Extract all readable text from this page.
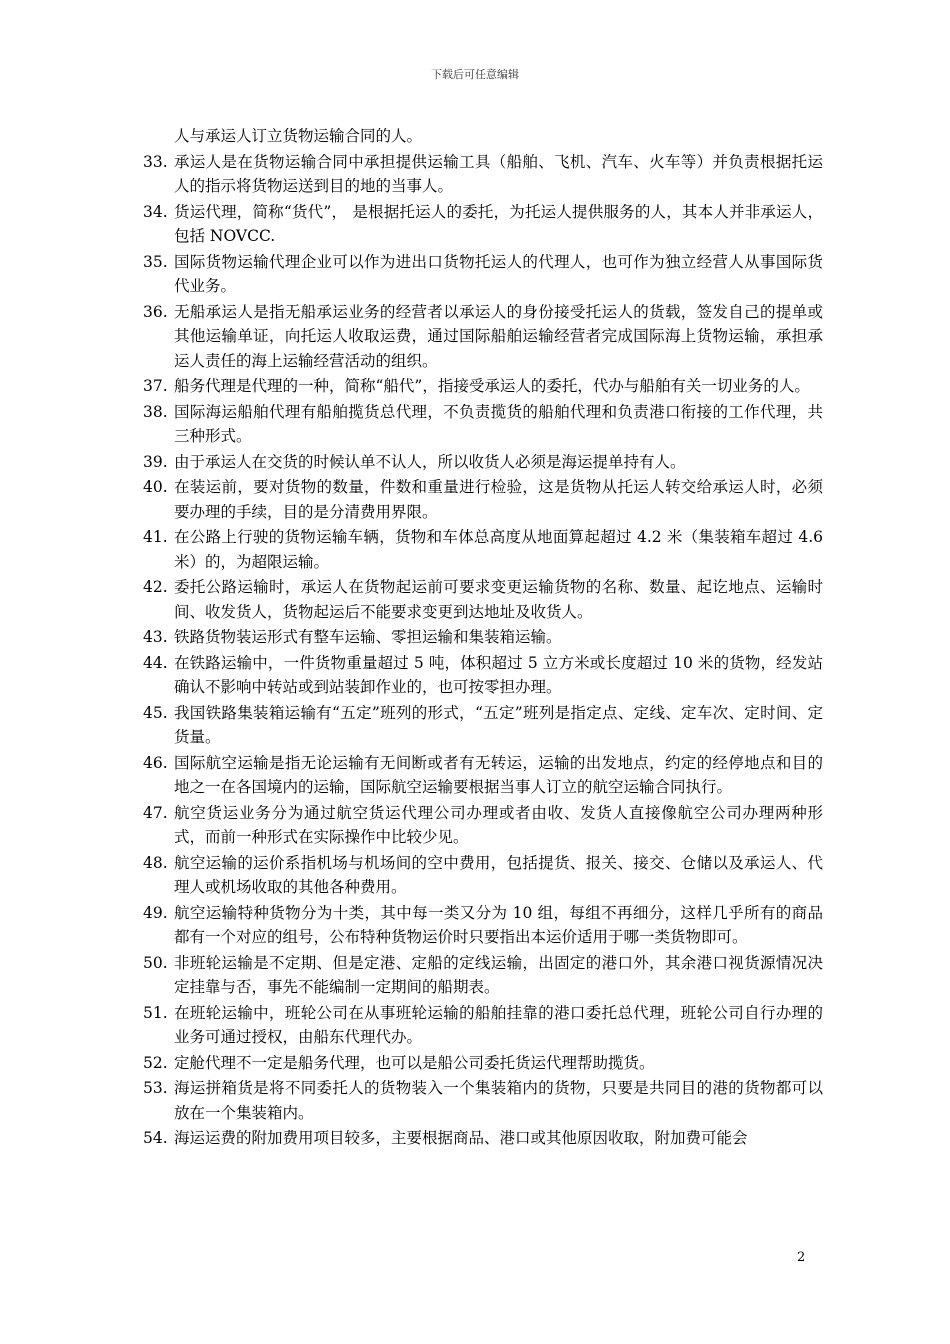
下载后可任意编辑
人与承运人订立货物运输合同的人。
33. 承运人是在货物运输合同中承担提供运输工具（船舶、飞机、汽车、火车等）并负责根据托运人的指示将货物运送到目的地的当事人。
34. 货运代理，简称“货代”， 是根据托运人的委托，为托运人提供服务的人，其本人并非承运人，包括 NOVCC.
35. 国际货物运输代理企业可以作为进出口货物托运人的代理人，也可作为独立经营人从事国际货代业务。
36. 无船承运人是指无船承运业务的经营者以承运人的身份接受托运人的货载，签发自己的提单或其他运输单证，向托运人收取运费，通过国际船舶运输经营者完成国际海上货物运输，承担承运人责任的海上运输经营活动的组织。
37. 船务代理是代理的一种，简称“船代”，指接受承运人的委托，代办与船舶有关一切业务的人。
38. 国际海运船舶代理有船舶揽货总代理，不负责揽货的船舶代理和负责港口衔接的工作代理，共三种形式。
39. 由于承运人在交货的时候认单不认人，所以收货人必须是海运提单持有人。
40. 在装运前，要对货物的数量，件数和重量进行检验，这是货物从托运人转交给承运人时，必须要办理的手续，目的是分清费用界限。
41. 在公路上行驶的货物运输车辆，货物和车体总高度从地面算起超过 4.2 米（集装箱车超过 4.6 米）的，为超限运输。
42. 委托公路运输时，承运人在货物起运前可要求变更运输货物的名称、数量、起讫地点、运输时间、收发货人，货物起运后不能要求变更到达地址及收货人。
43. 铁路货物装运形式有整车运输、零担运输和集装箱运输。
44. 在铁路运输中，一件货物重量超过 5 吨，体积超过 5 立方米或长度超过 10 米的货物，经发站确认不影响中转站或到站装卸作业的，也可按零担办理。
45. 我国铁路集装箱运输有“五定”班列的形式，“五定”班列是指定点、定线、定车次、定时间、定货量。
46. 国际航空运输是指无论运输有无间断或者有无转运，运输的出发地点，约定的经停地点和目的地之一在各国境内的运输，国际航空运输要根据当事人订立的航空运输合同执行。
47. 航空货运业务分为通过航空货运代理公司办理或者由收、发货人直接像航空公司办理两种形式，而前一种形式在实际操作中比较少见。
48. 航空运输的运价系指机场与机场间的空中费用，包括提货、报关、接交、仓储以及承运人、代理人或机场收取的其他各种费用。
49. 航空运输特种货物分为十类，其中每一类又分为 10 组，每组不再细分，这样几乎所有的商品都有一个对应的组号，公布特种货物运价时只要指出本运价适用于哪一类货物即可。
50. 非班轮运输是不定期、但是定港、定船的定线运输，出固定的港口外，其余港口视货源情况决定挂靠与否，事先不能编制一定期间的船期表。
51. 在班轮运输中，班轮公司在从事班轮运输的船舶挂靠的港口委托总代理，班轮公司自行办理的业务可通过授权，由船东代理代办。
52. 定舱代理不一定是船务代理，也可以是船公司委托货运代理帮助揽货。
53. 海运拼箱货是将不同委托人的货物装入一个集装箱内的货物，只要是共同目的港的货物都可以放在一个集装箱内。
54. 海运运费的附加费用项目较多，主要根据商品、港口或其他原因收取，附加费可能会
2
